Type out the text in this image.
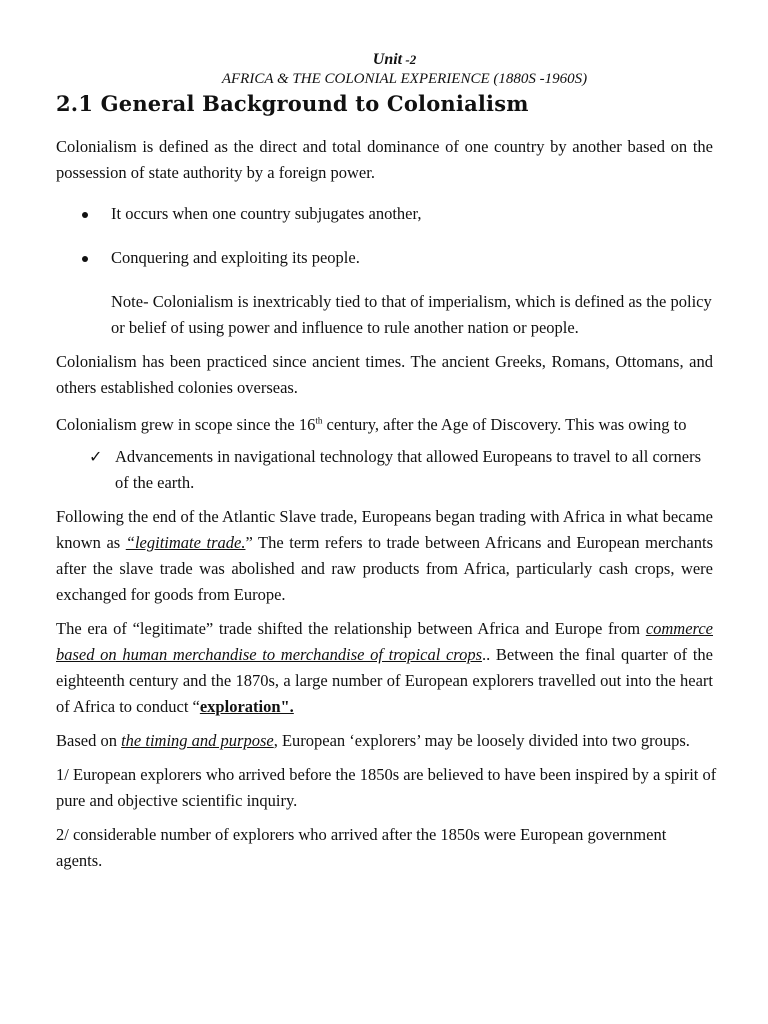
Unit -2
AFRICA & THE COLONIAL EXPERIENCE (1880S -1960S)
2.1 General Background to Colonialism

Colonialism is defined as the direct and total dominance of one country by another based on the possession of state authority by a foreign power.

It occurs when one country subjugates another,
Conquering and exploiting its people.

Note- Colonialism is inextricably tied to that of imperialism, which is defined as the policy or belief of using power and influence to rule another nation or people.

Colonialism has been practiced since ancient times. The ancient Greeks, Romans, Ottomans, and others established colonies overseas.

Colonialism grew in scope since the 16th century, after the Age of Discovery. This was owing to

✓ Advancements in navigational technology that allowed Europeans to travel to all corners of the earth.

Following the end of the Atlantic Slave trade, Europeans began trading with Africa in what became known as “legitimate trade.” The term refers to trade between Africans and European merchants after the slave trade was abolished and raw products from Africa, particularly cash crops, were exchanged for goods from Europe.

The era of “legitimate” trade shifted the relationship between Africa and Europe from commerce based on human merchandise to merchandise of tropical crops.. Between the final quarter of the eighteenth century and the 1870s, a large number of European explorers travelled out into the heart of Africa to conduct “exploration".

Based on the timing and purpose, European ‘explorers’ may be loosely divided into two groups.

1/ European explorers who arrived before the 1850s are believed to have been inspired by a spirit of pure and objective scientific inquiry.

2/ considerable number of explorers who arrived after the 1850s were European government agents.
